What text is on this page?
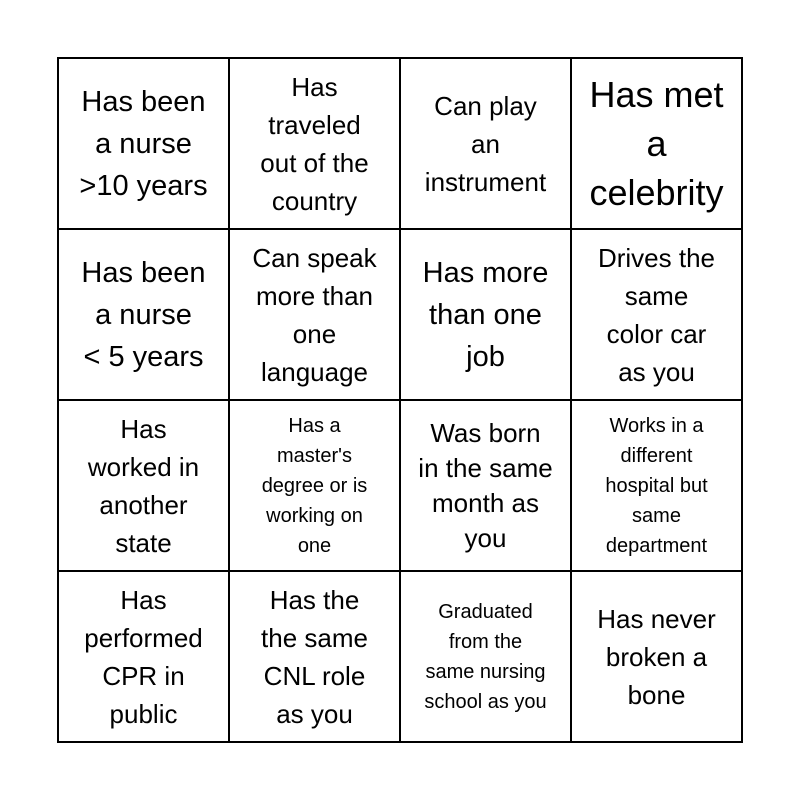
Has been
a nurse
>10 years
Has
traveled
out of the
country
Can play
an
instrument
Has met
a
celebrity
Has been
a nurse
< 5 years
Can speak
more than
one
language
Has more
than one
job
Drives the
same
color car
as you
Has
worked in
another
state
Has a
master's
degree or is
working on
one
Was born
in the same
month as
you
Works in a
different
hospital but
same
department
Has
performed
CPR in
public
Has the
the same
CNL role
as you
Graduated
from the
same nursing
school as you
Has never
broken a
bone
